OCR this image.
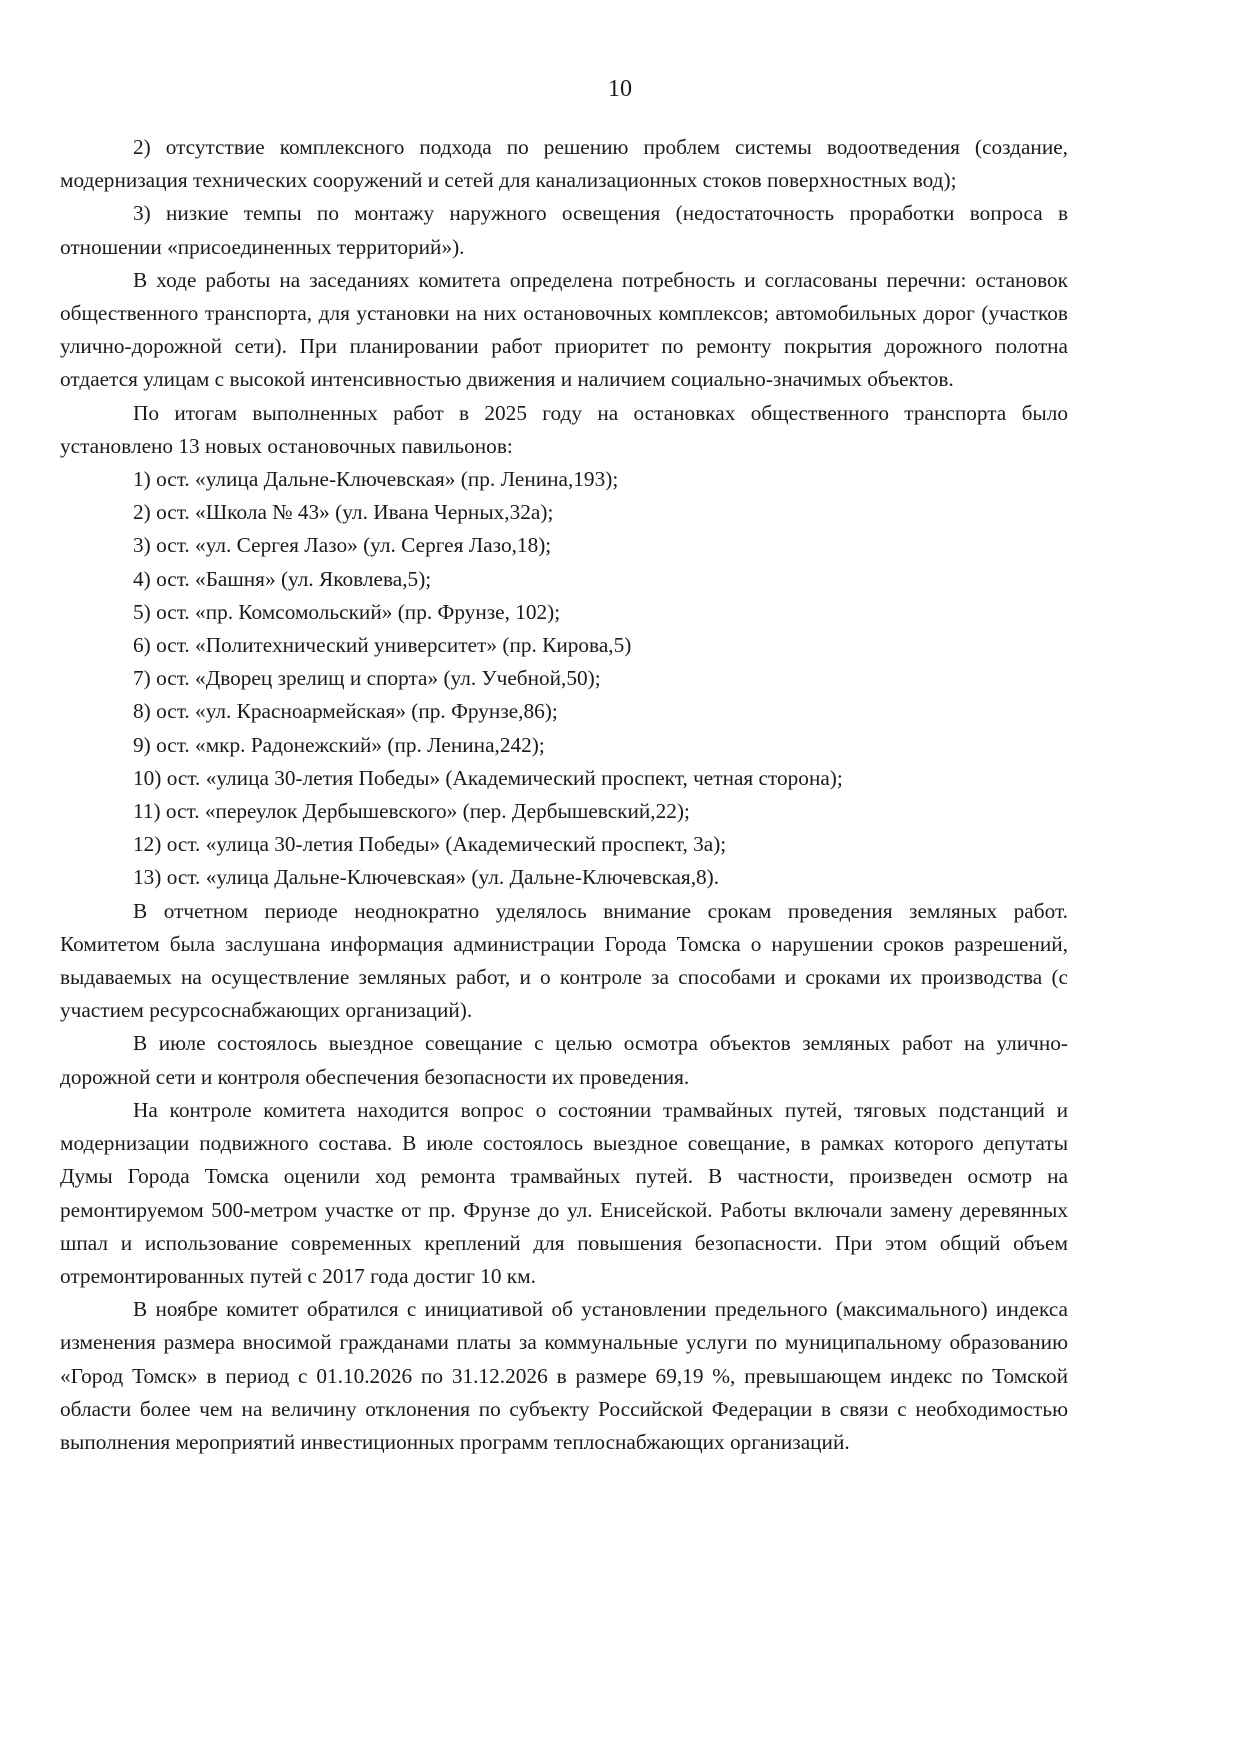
10

2) отсутствие комплексного подхода по решению проблем системы водоотведения (создание, модернизация технических сооружений и сетей для канализационных стоков поверхностных вод);

3) низкие темпы по монтажу наружного освещения (недостаточность проработки вопроса в отношении «присоединенных территорий»).

В ходе работы на заседаниях комитета определена потребность и согласованы перечни: остановок общественного транспорта, для установки на них остановочных комплексов; автомобильных дорог (участков улично-дорожной сети). При планировании работ приоритет по ремонту покрытия дорожного полотна отдается улицам с высокой интенсивностью движения и наличием социально-значимых объектов.

По итогам выполненных работ в 2025 году на остановках общественного транспорта было установлено 13 новых остановочных павильонов:

1) ост. «улица Дальне-Ключевская» (пр. Ленина,193);
2) ост. «Школа № 43» (ул. Ивана Черных,32а);
3) ост. «ул. Сергея Лазо» (ул. Сергея Лазо,18);
4) ост. «Башня» (ул. Яковлева,5);
5) ост. «пр. Комсомольский» (пр. Фрунзе, 102);
6) ост. «Политехнический университет» (пр. Кирова,5)
7) ост. «Дворец зрелищ и спорта» (ул. Учебной,50);
8) ост. «ул. Красноармейская» (пр. Фрунзе,86);
9) ост. «мкр. Радонежский» (пр. Ленина,242);
10) ост. «улица 30-летия Победы» (Академический проспект, четная сторона);
11) ост. «переулок Дербышевского» (пер. Дербышевский,22);
12) ост. «улица 30-летия Победы» (Академический проспект, 3а);
13) ост. «улица Дальне-Ключевская» (ул. Дальне-Ключевская,8).

В отчетном периоде неоднократно уделялось внимание срокам проведения земляных работ. Комитетом была заслушана информация администрации Города Томска о нарушении сроков разрешений, выдаваемых на осуществление земляных работ, и о контроле за способами и сроками их производства (с участием ресурсоснабжающих организаций).

В июле состоялось выездное совещание с целью осмотра объектов земляных работ на улично-дорожной сети и контроля обеспечения безопасности их проведения.

На контроле комитета находится вопрос о состоянии трамвайных путей, тяговых подстанций и модернизации подвижного состава. В июле состоялось выездное совещание, в рамках которого депутаты Думы Города Томска оценили ход ремонта трамвайных путей. В частности, произведен осмотр на ремонтируемом 500-метром участке от пр. Фрунзе до ул. Енисейской. Работы включали замену деревянных шпал и использование современных креплений для повышения безопасности. При этом общий объем отремонтированных путей с 2017 года достиг 10 км.

В ноябре комитет обратился с инициативой об установлении предельного (максимального) индекса изменения размера вносимой гражданами платы за коммунальные услуги по муниципальному образованию «Город Томск» в период с 01.10.2026 по 31.12.2026 в размере 69,19 %, превышающем индекс по Томской области более чем на величину отклонения по субъекту Российской Федерации в связи с необходимостью выполнения мероприятий инвестиционных программ теплоснабжающих организаций.
